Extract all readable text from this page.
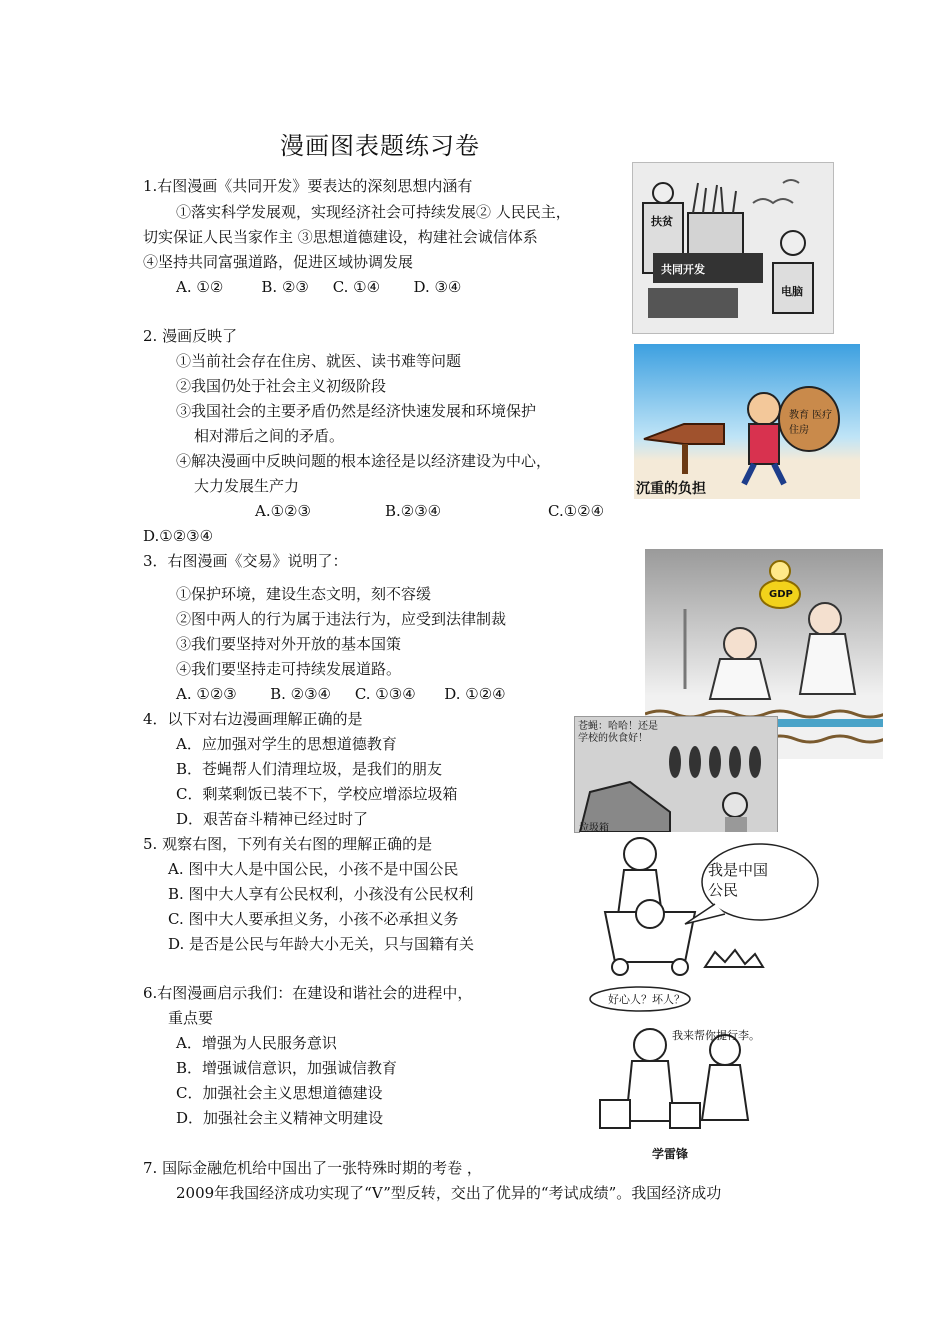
漫画图表题练习卷
1.右图漫画《共同开发》要表达的深刻思想内涵有
①落实科学发展观，实现经济社会可持续发展② 人民民主，
切实保证人民当家作主 ③思想道德建设，构建社会诚信体系
④坚持共同富强道路，促进区域协调发展
A. ①②        B. ②③     C. ①④       D. ③④
共同开发
扶贫
电脑
2. 漫画反映了
①当前社会存在住房、就医、读书难等问题
②我国仍处于社会主义初级阶段
③我国社会的主要矛盾仍然是经济快速发展和环境保护
相对滞后之间的矛盾。
④解决漫画中反映问题的根本途径是以经济建设为中心，
大力发展生产力
A.①②③	B.②③④	C.①②④
D.①②③④
教育 医疗 住房
沉重的负担
3．右图漫画《交易》说明了：
①保护环境，建设生态文明，刻不容缓
②图中两人的行为属于违法行为，应受到法律制裁
③我们要坚持对外开放的基本国策
④我们要坚持走可持续发展道路。
A. ①②③       B. ②③④     C. ①③④      D. ①②④
GDP
4．以下对右边漫画理解正确的是
A．应加强对学生的思想道德教育
B．苍蝇帮人们清理垃圾，是我们的朋友
C．剩菜剩饭已装不下，学校应增添垃圾箱
D．艰苦奋斗精神已经过时了
苍蝇：哈哈！还是学校的伙食好！
垃圾箱
5. 观察右图，下列有关右图的理解正确的是
A. 图中大人是中国公民，小孩不是中国公民
B. 图中大人享有公民权利，小孩没有公民权利
C. 图中大人要承担义务，小孩不必承担义务
D. 是否是公民与年龄大小无关，只与国籍有关
我是中国
公民
6.右图漫画启示我们：在建设和谐社会的进程中，
重点要
A．增强为人民服务意识
B．增强诚信意识，加强诚信教育
C．加强社会主义思想道德建设
D．加强社会主义精神文明建设
好心人？坏人？
我来帮你提行李。
学雷锋
7. 国际金融危机给中国出了一张特殊时期的考卷 ，
2009年我国经济成功实现了“V”型反转，交出了优异的“考试成绩”。我国经济成功
